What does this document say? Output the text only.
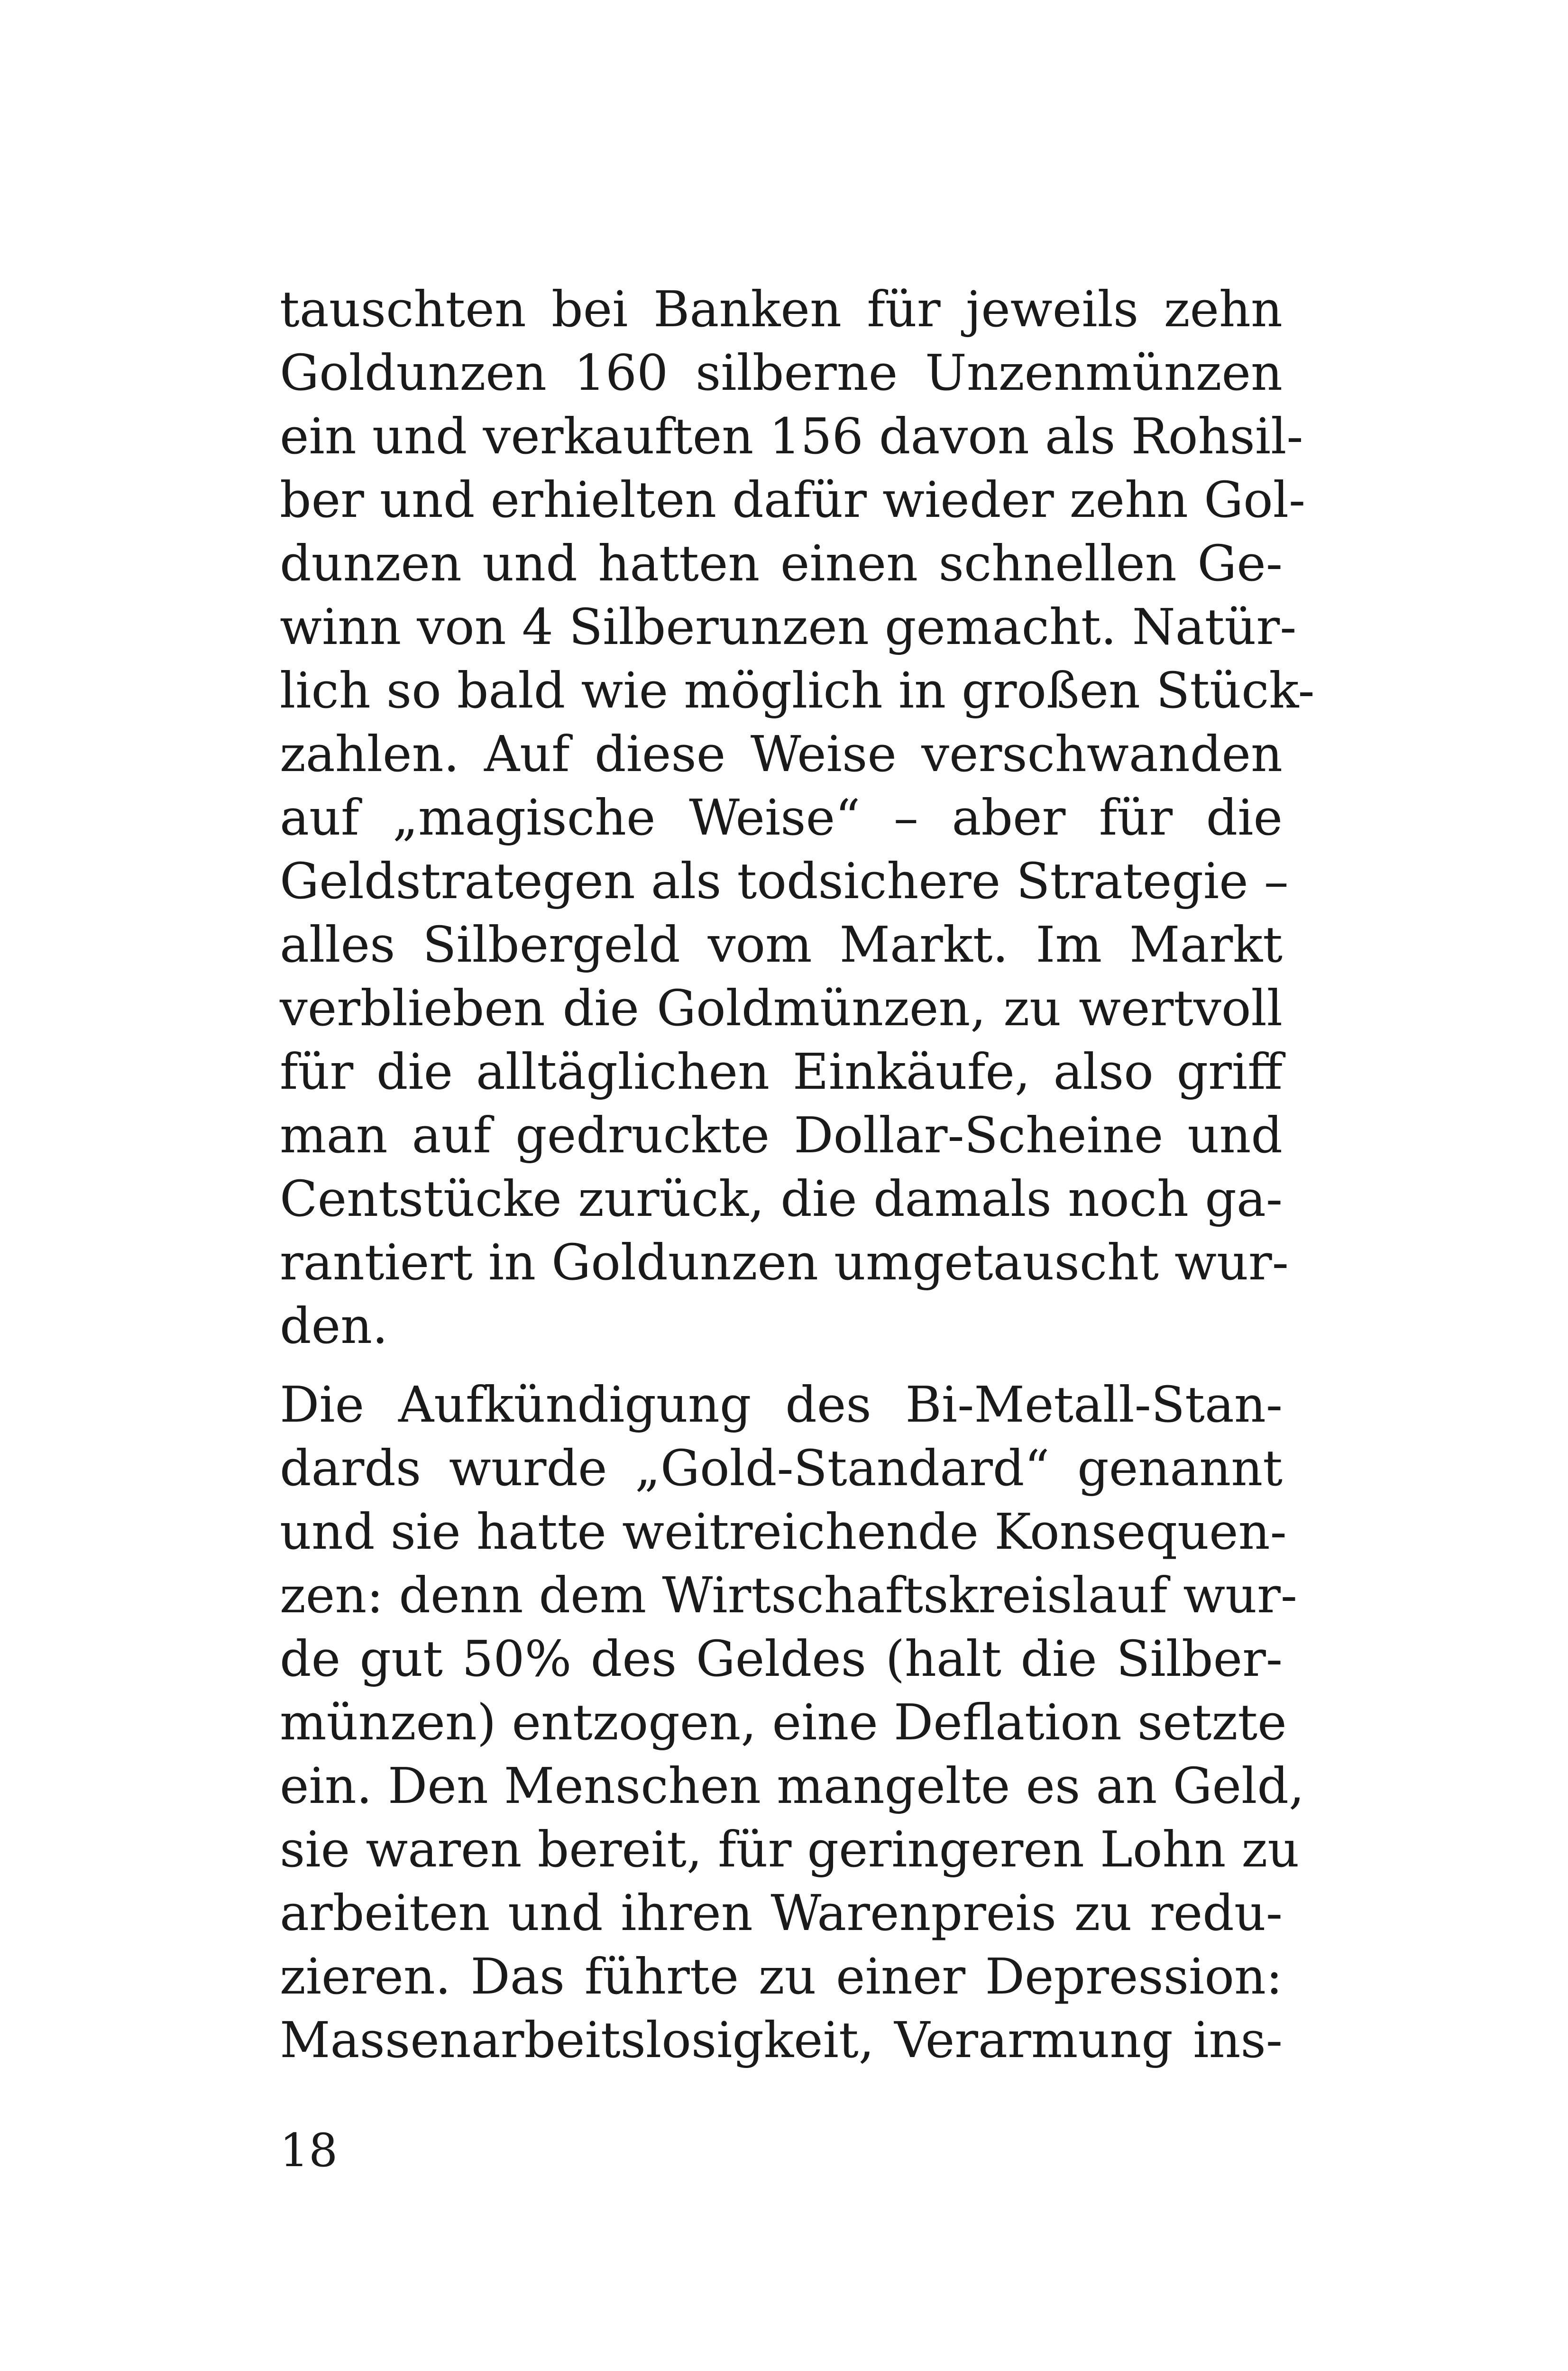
tauschten bei Banken für jeweils zehn
Goldunzen 160 silberne Unzenmünzen
ein und verkauften 156 davon als Rohsil-
ber und erhielten dafür wieder zehn Gol-
dunzen und hatten einen schnellen Ge-
winn von 4 Silberunzen gemacht. Natür-
lich so bald wie möglich in großen Stück-
zahlen. Auf diese Weise verschwanden
auf „magische Weise“ – aber für die
Geldstrategen als todsichere Strategie –
alles Silbergeld vom Markt. Im Markt
verblieben die Goldmünzen, zu wertvoll
für die alltäglichen Einkäufe, also griff
man auf gedruckte Dollar-Scheine und
Centstücke zurück, die damals noch ga-
rantiert in Goldunzen umgetauscht wur-
den.

Die Aufkündigung des Bi-Metall-Stan-
dards wurde „Gold-Standard“ genannt
und sie hatte weitreichende Konsequen-
zen: denn dem Wirtschaftskreislauf wur-
de gut 50% des Geldes (halt die Silber-
münzen) entzogen, eine Deflation setzte
ein. Den Menschen mangelte es an Geld,
sie waren bereit, für geringeren Lohn zu
arbeiten und ihren Warenpreis zu redu-
zieren. Das führte zu einer Depression:
Massenarbeitslosigkeit, Verarmung ins-

18
